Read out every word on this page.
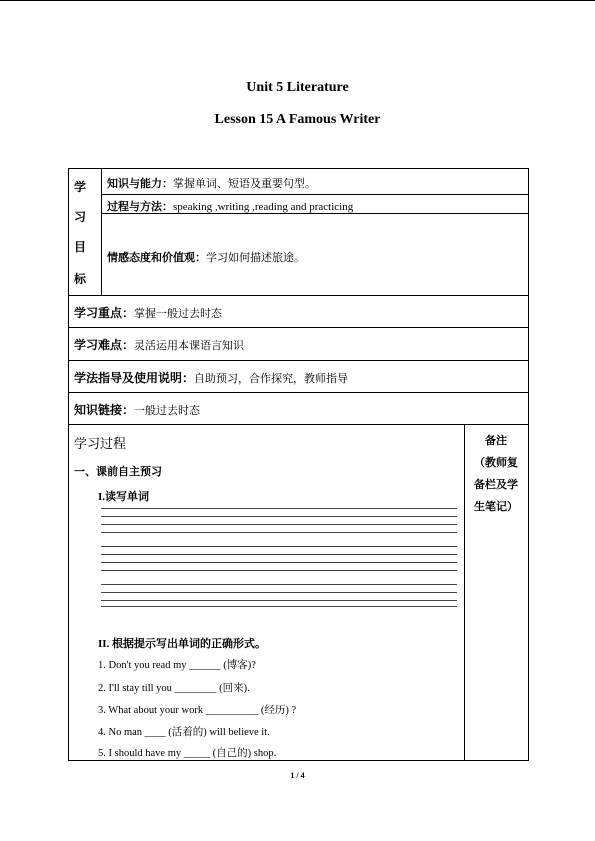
Unit 5 Literature
Lesson 15 A Famous Writer
学
习
目
标
知识与能力：掌握单词、短语及重要句型。
过程与方法：speaking ,writing ,reading and practicing
情感态度和价值观：学习如何描述旅途。
学习重点：掌握一般过去时态
学习难点：灵活运用本课语言知识
学法指导及使用说明：自助预习，合作探究，教师指导
知识链接：一般过去时态
学习过程
一、课前自主预习
I.读写单词
II. 根据提示写出单词的正确形式。
1. Don't you read my ______ (博客)?
2. I'll stay till you ________ (回来).
3. What about your work __________ (经历) ?
4. No man ____ (活着的) will believe it.
5. I should have my _____ (自己的) shop.
备注
（教师复
备栏及学
生笔记）
1 / 4
